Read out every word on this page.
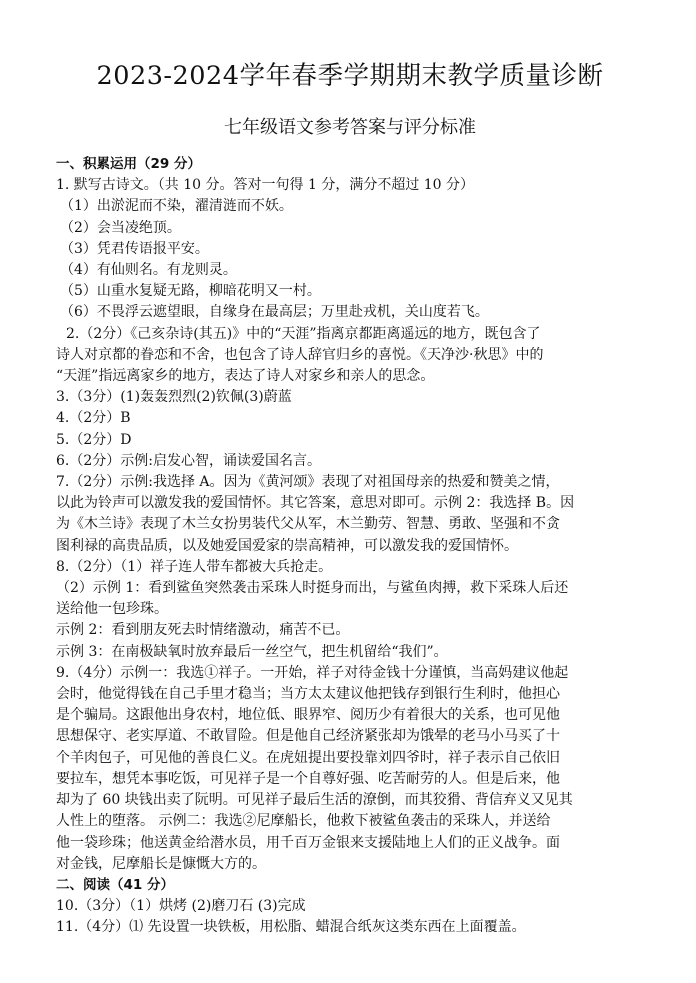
2023-2024学年春季学期期末教学质量诊断
七年级语文参考答案与评分标准
一、积累运用（29 分）
1. 默写古诗文。（共 10 分。答对一句得 1 分，满分不超过 10 分）
（1）出淤泥而不染，濯清涟而不妖。
（2）会当凌绝顶。
（3）凭君传语报平安。
（4）有仙则名。有龙则灵。
（5）山重水复疑无路，柳暗花明又一村。
（6）不畏浮云遮望眼，自缘身在最高层；万里赴戎机，关山度若飞。
2.（2分）《己亥杂诗(其五)》中的“天涯”指离京都距离遥远的地方，既包含了
诗人对京都的眷恋和不舍，也包含了诗人辞官归乡的喜悦。《天净沙·秋思》中的
“天涯”指远离家乡的地方，表达了诗人对家乡和亲人的思念。
3.（3分）(1)轰轰烈烈(2)钦佩(3)蔚蓝
4.（2分）B
5.（2分）D
6.（2分）示例:启发心智，诵读爱国名言。
7.（2分）示例:我选择 A。因为《黄河颂》表现了对祖国母亲的热爱和赞美之情，
以此为铃声可以激发我的爱国情怀。其它答案，意思对即可。示例 2：我选择 B。因
为《木兰诗》表现了木兰女扮男装代父从军，木兰勤劳、智慧、勇敢、坚强和不贪
图利禄的高贵品质，以及她爱国爱家的崇高精神，可以激发我的爱国情怀。
8.（2分）（1）祥子连人带车都被大兵抢走。
（2）示例 1：看到鲨鱼突然袭击采珠人时挺身而出，与鲨鱼肉搏，救下采珠人后还
送给他一包珍珠。
示例 2：看到朋友死去时情绪激动，痛苦不已。
示例 3：在南极缺氧时放弃最后一丝空气，把生机留给“我们”。
9.（4分）示例一：我选①祥子。一开始，祥子对待金钱十分谨慎，当高妈建议他起
会时，他觉得钱在自己手里才稳当；当方太太建议他把钱存到银行生利时，他担心
是个骗局。这跟他出身农村，地位低、眼界窄、阅历少有着很大的关系，也可见他
思想保守、老实厚道、不敢冒险。但是他自己经济紧张却为饿晕的老马小马买了十
个羊肉包子，可见他的善良仁义。在虎妞提出要投靠刘四爷时，祥子表示自己依旧
要拉车，想凭本事吃饭，可见祥子是一个自尊好强、吃苦耐劳的人。但是后来，他
却为了 60 块钱出卖了阮明。可见祥子最后生活的潦倒，而其狡猾、背信弃义又见其
人性上的堕落。 示例二：我选②尼摩船长，他救下被鲨鱼袭击的采珠人，并送给
他一袋珍珠；他送黄金给潜水员，用千百万金银来支援陆地上人们的正义战争。面
对金钱，尼摩船长是慷慨大方的。
二、阅读（41 分）
10.（3分）（1）烘烤 (2)磨刀石 (3)完成
11.（4分）⑴ 先设置一块铁板，用松脂、蜡混合纸灰这类东西在上面覆盖。
